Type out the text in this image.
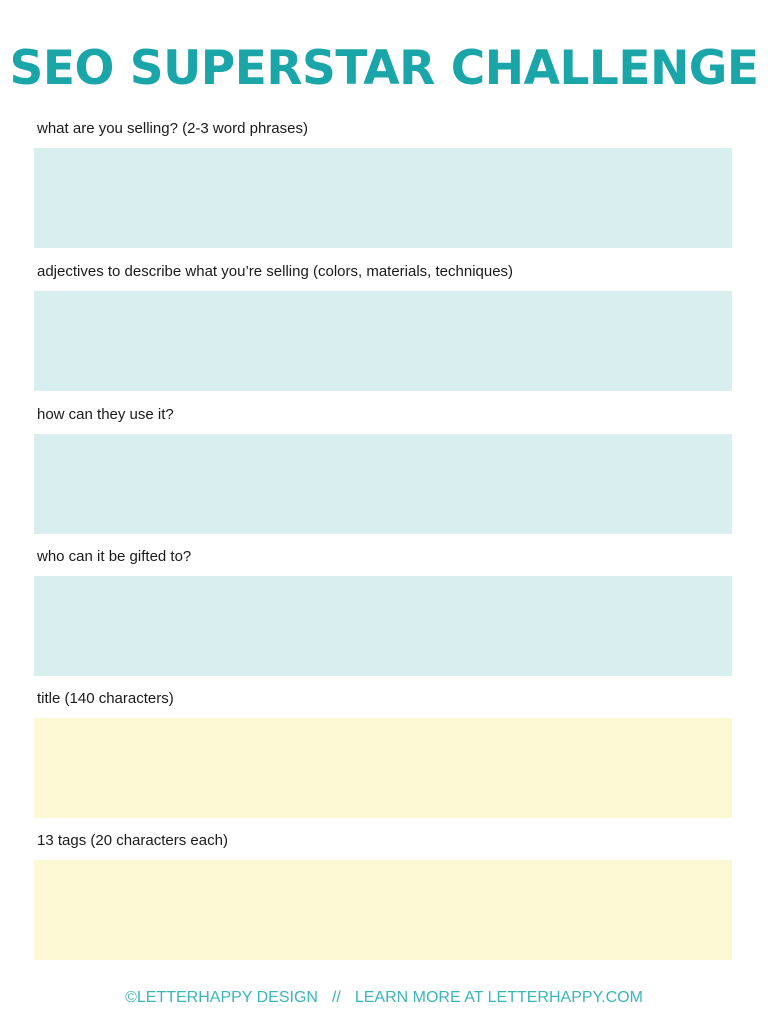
SEO SUPERSTAR CHALLENGE
what are you selling? (2-3 word phrases)
adjectives to describe what you’re selling (colors, materials, techniques)
how can they use it?
who can it be gifted to?
title (140 characters)
13 tags (20 characters each)
©LETTERHAPPY DESIGN // LEARN MORE AT LETTERHAPPY.COM
